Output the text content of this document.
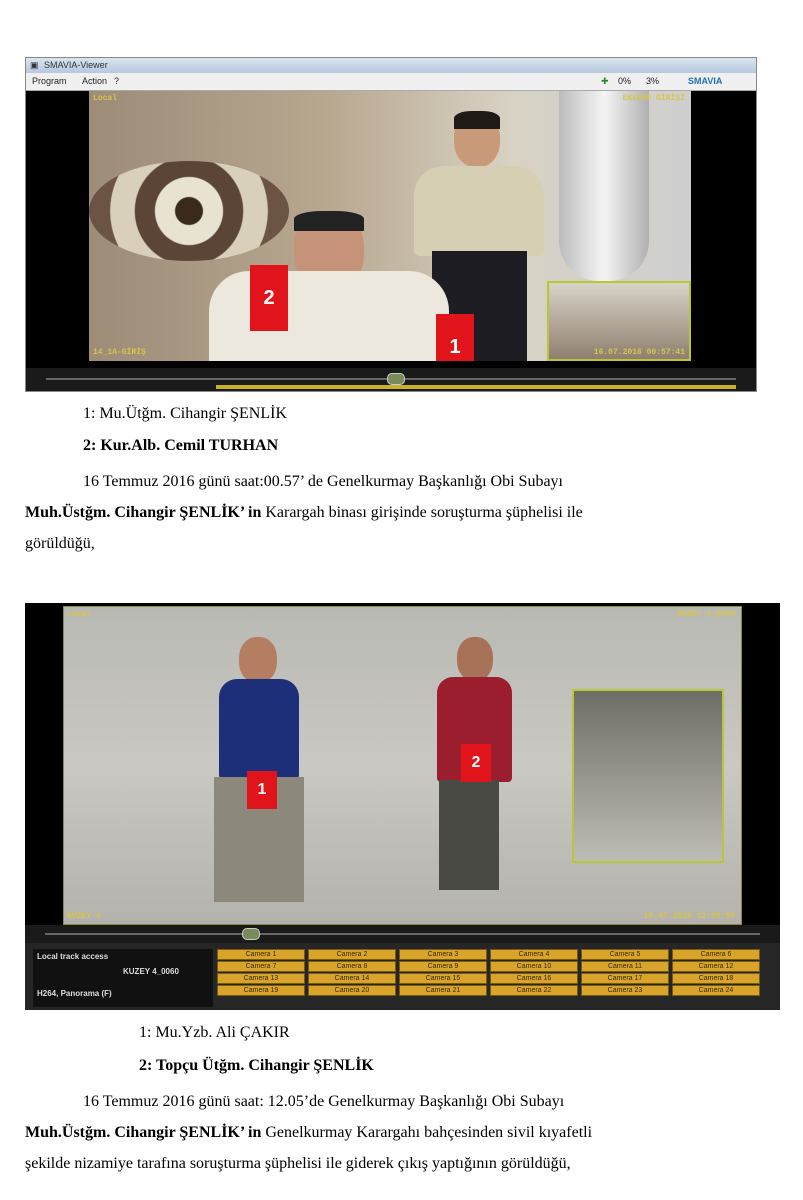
▣ SMAVIA-Viewer
Program Action ?	✚ 0% 3%	SMAVIA
2
1
Local	EKLEME GİRİŞİ
14_1A-GİRİŞ	16.07.2016 00:57:41
1: Mu.Ütğm. Cihangir ŞENLİK
2: Kur.Alb. Cemil TURHAN
16 Temmuz 2016 günü saat:00.57’ de Genelkurmay Başkanlığı Obi Subayı
Muh.Üstğm. Cihangir ŞENLİK’ in Karargah binası girişinde soruşturma şüphelisi ile
görüldüğü,
1
2
Local	KUZEY 4_0060
KUZEY 4	16.07.2016 12:05:50
Local track access
KUZEY 4_0060
H264, Panorama (F)
Camera 1	Camera 2	Camera 3	Camera 4	Camera 5	Camera 6
Camera 7	Camera 8	Camera 9	Camera 10	Camera 11	Camera 12
Camera 13	Camera 14	Camera 15	Camera 16	Camera 17	Camera 18
Camera 19	Camera 20	Camera 21	Camera 22	Camera 23	Camera 24
1: Mu.Yzb. Ali ÇAKIR
2: Topçu Ütğm. Cihangir ŞENLİK
16 Temmuz 2016 günü saat: 12.05’de Genelkurmay Başkanlığı Obi Subayı
Muh.Üstğm. Cihangir ŞENLİK’ in Genelkurmay Karargahı bahçesinden sivil kıyafetli

şekilde nizamiye tarafına soruşturma şüphelisi ile giderek çıkış yaptığının görüldüğü,
